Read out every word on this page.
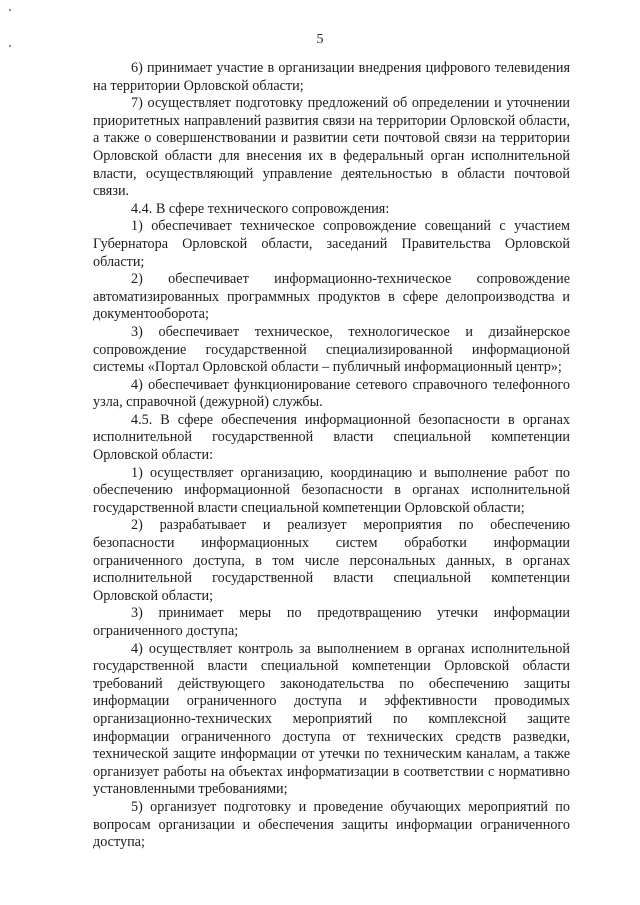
5

6) принимает участие в организации внедрения цифрового телевидения на территории Орловской области;

7) осуществляет подготовку предложений об определении и уточнении приоритетных направлений развития связи на территории Орловской области, а также о совершенствовании и развитии сети почтовой связи на территории Орловской области для внесения их в федеральный орган исполнительной власти, осуществляющий управление деятельностью в области почтовой связи.

4.4. В сфере технического сопровождения:

1) обеспечивает техническое сопровождение совещаний с участием Губернатора Орловской области, заседаний Правительства Орловской области;

2) обеспечивает информационно-техническое сопровождение автоматизированных программных продуктов в сфере делопроизводства и документооборота;

3) обеспечивает техническое, технологическое и дизайнерское сопровождение государственной специализированной информационой системы «Портал Орловской области – публичный информационный центр»;

4) обеспечивает функционирование сетевого справочного телефонного узла, справочной (дежурной) службы.

4.5. В сфере обеспечения информационной безопасности в органах исполнительной государственной власти специальной компетенции Орловской области:

1) осуществляет организацию, координацию и выполнение работ по обеспечению информационной безопасности в органах исполнительной государственной власти специальной компетенции Орловской области;

2) разрабатывает и реализует мероприятия по обеспечению безопасности информационных систем обработки информации ограниченного доступа, в том числе персональных данных, в органах исполнительной государственной власти специальной компетенции Орловской области;

3) принимает меры по предотвращению утечки информации ограниченного доступа;

4) осуществляет контроль за выполнением в органах исполнительной государственной власти специальной компетенции Орловской области требований действующего законодательства по обеспечению защиты информации ограниченного доступа и эффективности проводимых организационно-технических мероприятий по комплексной защите информации ограниченного доступа от технических средств разведки, технической защите информации от утечки по техническим каналам, а также организует работы на объектах информатизации в соответствии с нормативно установленными требованиями;

5) организует подготовку и проведение обучающих мероприятий по вопросам организации и обеспечения защиты информации ограниченного доступа;
